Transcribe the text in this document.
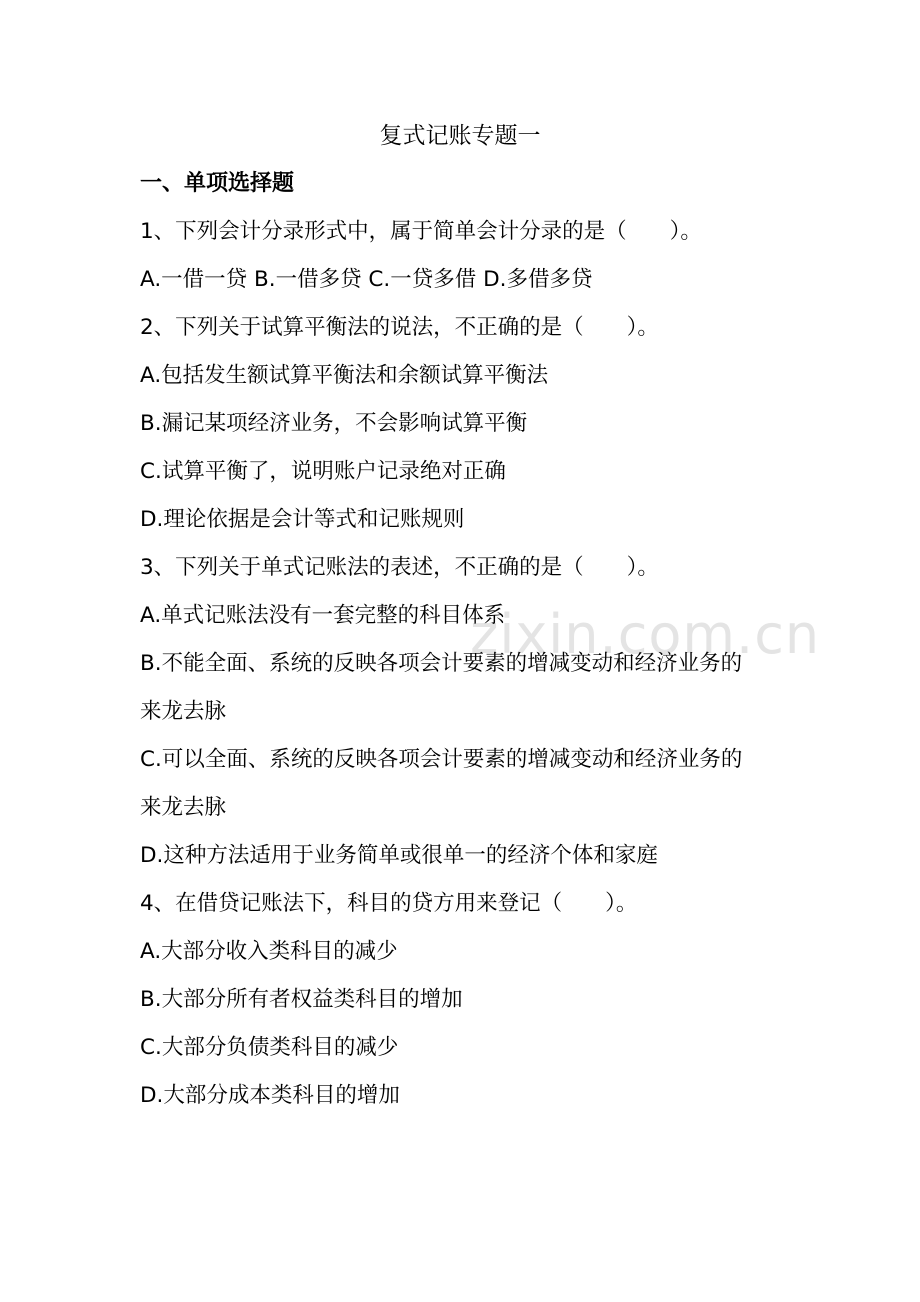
zixin.com.cn
复式记账专题一
一、单项选择题
1、下列会计分录形式中，属于简单会计分录的是（　　）。
A.一借一贷 B.一借多贷 C.一贷多借 D.多借多贷
2、下列关于试算平衡法的说法，不正确的是（　　）。
A.包括发生额试算平衡法和余额试算平衡法
B.漏记某项经济业务，不会影响试算平衡
C.试算平衡了，说明账户记录绝对正确
D.理论依据是会计等式和记账规则
3、下列关于单式记账法的表述，不正确的是（　　）。
A.单式记账法没有一套完整的科目体系
B.不能全面、系统的反映各项会计要素的增减变动和经济业务的
来龙去脉
C.可以全面、系统的反映各项会计要素的增减变动和经济业务的
来龙去脉
D.这种方法适用于业务简单或很单一的经济个体和家庭
4、在借贷记账法下，科目的贷方用来登记（　　）。
A.大部分收入类科目的减少
B.大部分所有者权益类科目的增加
C.大部分负债类科目的减少
D.大部分成本类科目的增加
